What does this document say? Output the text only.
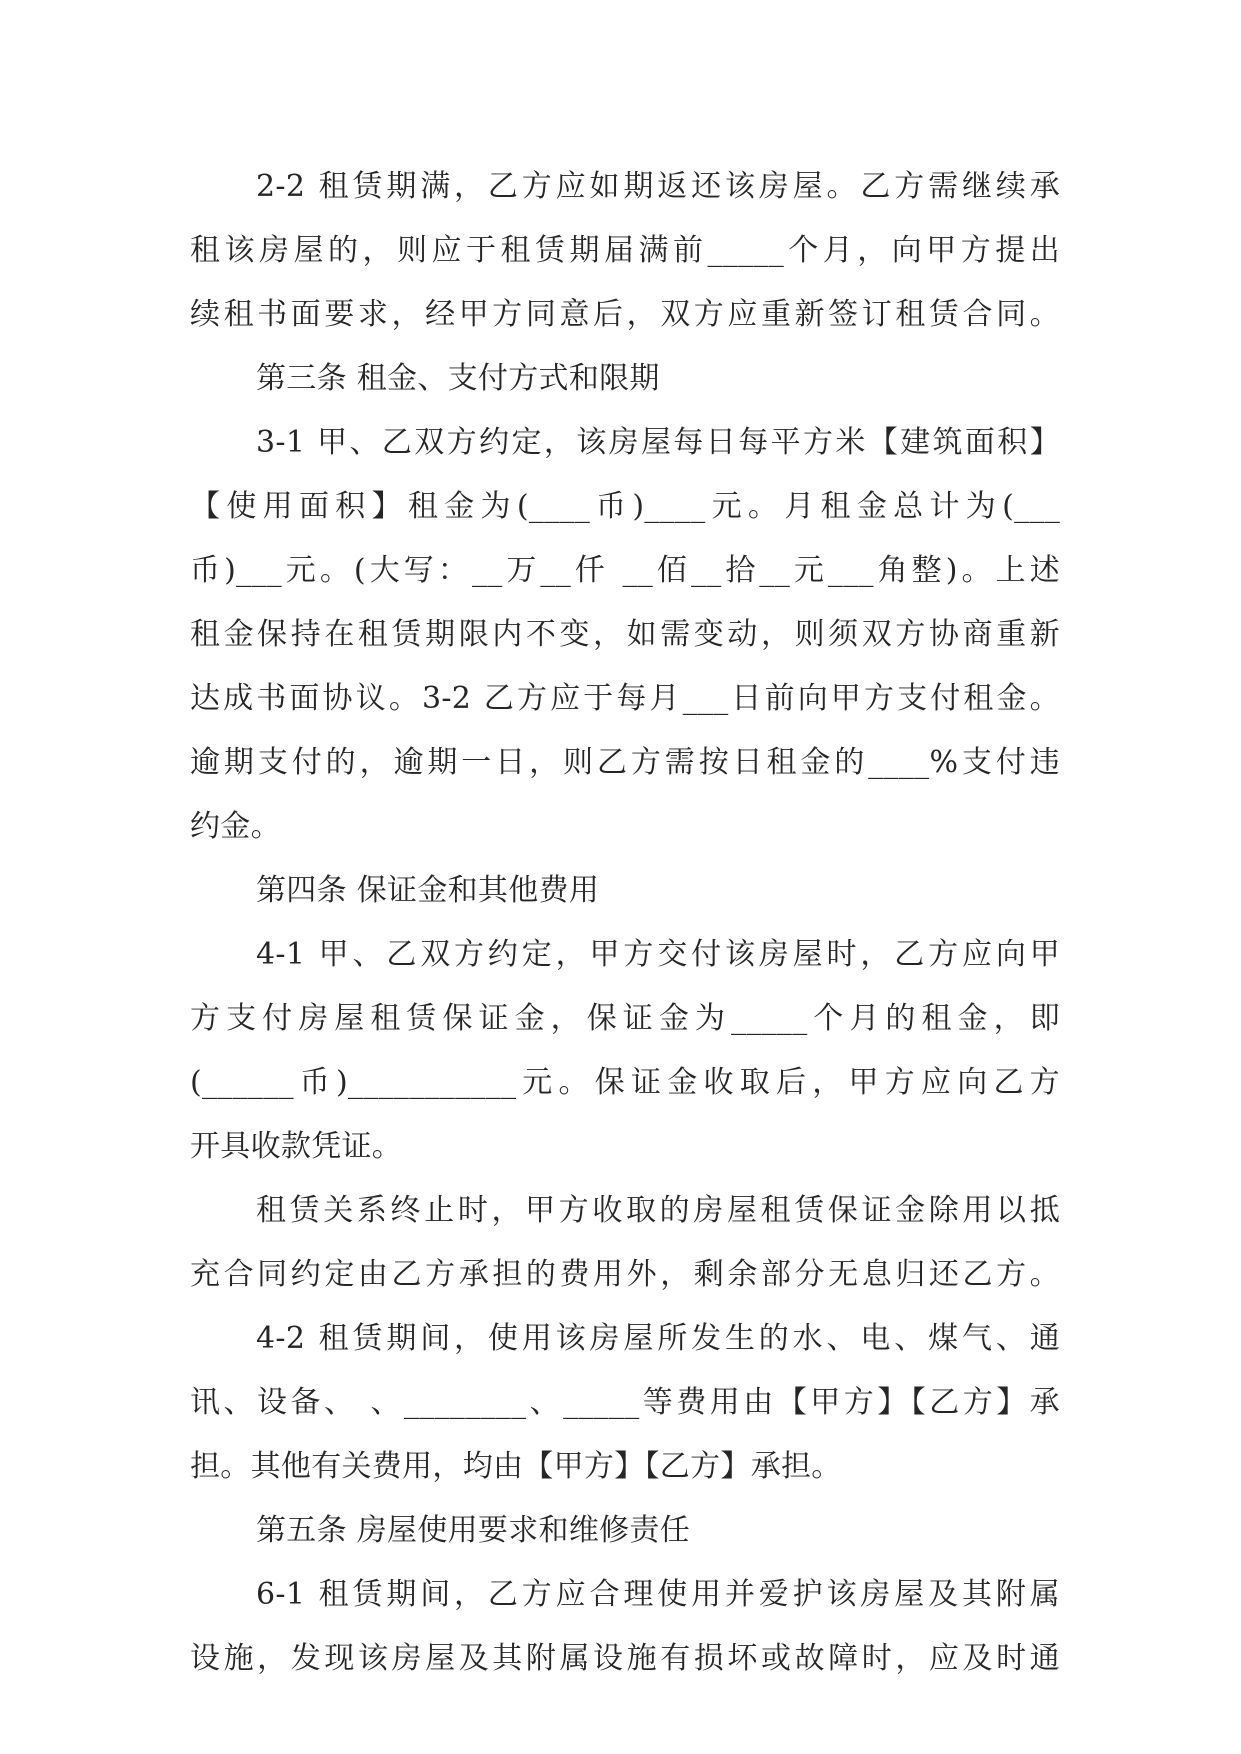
2-2 租赁期满，乙方应如期返还该房屋。乙方需继续承
租该房屋的，则应于租赁期届满前_____个月，向甲方提出
续租书面要求，经甲方同意后，双方应重新签订租赁合同。
第三条 租金、支付方式和限期
3-1 甲、乙双方约定，该房屋每日每平方米【建筑面积】
【使用面积】租金为(____币)____元。月租金总计为(___
币)___元。(大写：__万__仟 __佰__拾__元___角整)。上述
租金保持在租赁期限内不变，如需变动，则须双方协商重新
达成书面协议。3-2 乙方应于每月___日前向甲方支付租金。
逾期支付的，逾期一日，则乙方需按日租金的____%支付违
约金。
第四条 保证金和其他费用
4-1 甲、乙双方约定，甲方交付该房屋时，乙方应向甲
方支付房屋租赁保证金，保证金为_____个月的租金，即
(______币)___________元。保证金收取后，甲方应向乙方
开具收款凭证。
租赁关系终止时，甲方收取的房屋租赁保证金除用以抵
充合同约定由乙方承担的费用外，剩余部分无息归还乙方。
4-2 租赁期间，使用该房屋所发生的水、电、煤气、通
讯、设备、 、________、_____等费用由【甲方】【乙方】承
担。其他有关费用，均由【甲方】【乙方】承担。
第五条 房屋使用要求和维修责任
6-1 租赁期间，乙方应合理使用并爱护该房屋及其附属
设施，发现该房屋及其附属设施有损坏或故障时，应及时通
